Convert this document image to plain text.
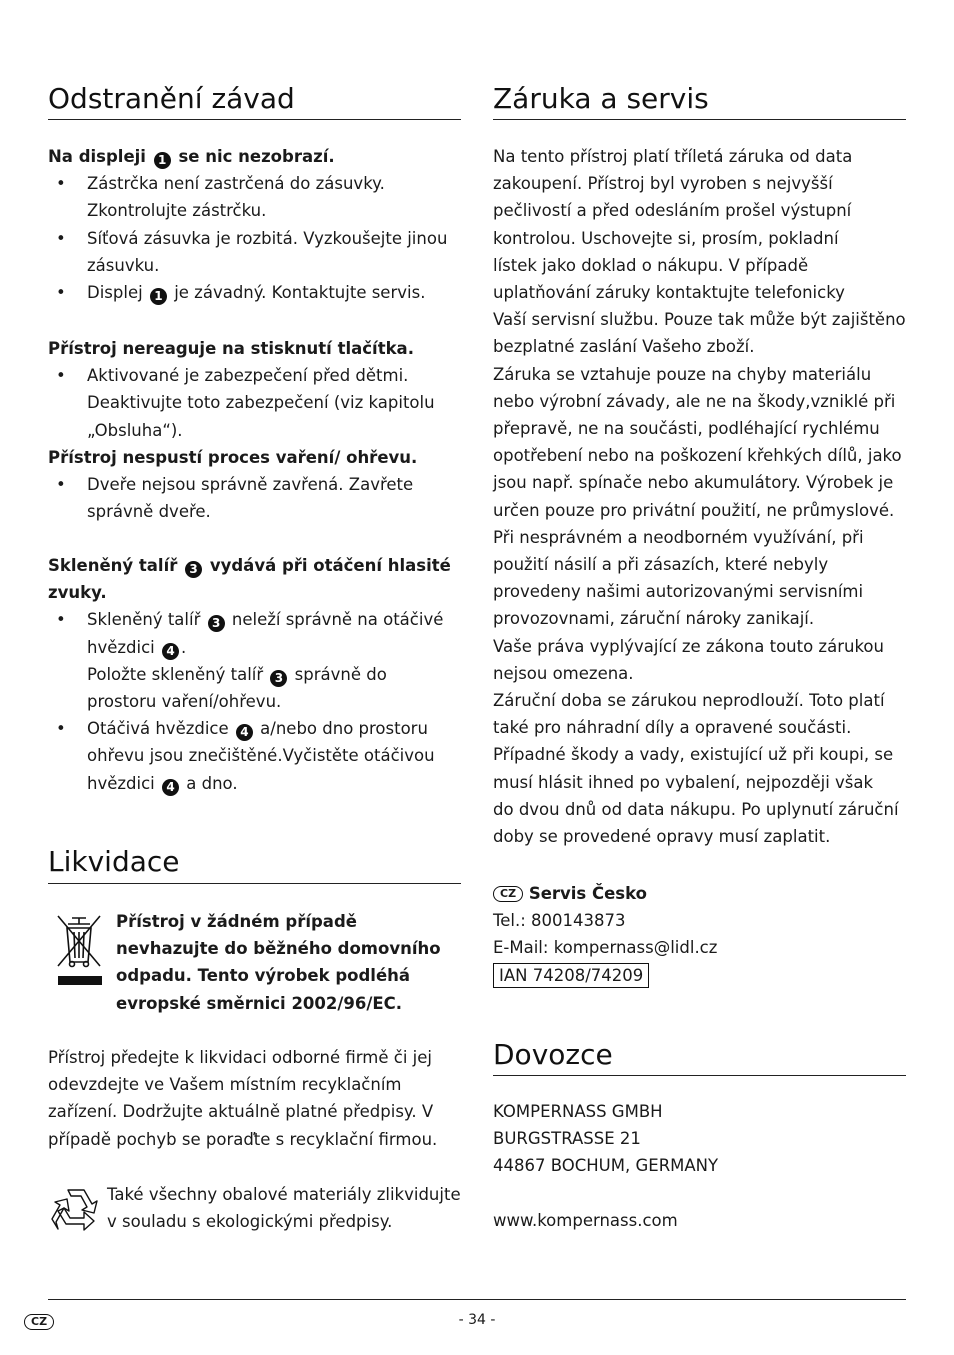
Odstranění závad
Na displeji 1 se nic nezobrazí.
• Zástrčka není zastrčená do zásuvky. Zkontrolujte zástrčku.
• Síťová zásuvka je rozbitá. Vyzkoušejte jinou zásuvku.
• Displej 1 je závadný. Kontaktujte servis.
Přístroj nereaguje na stisknutí tlačítka.
• Aktivované je zabezpečení před dětmi. Deaktivujte toto zabezpečení (viz kapitolu „Obsluha“).
Přístroj nespustí proces vaření/ ohřevu.
• Dveře nejsou správně zavřená. Zavřete správně dveře.
Skleněný talíř 3 vydává při otáčení hlasité zvuky.
• Skleněný talíř 3 neleží správně na otáčivé hvězdici 4 .
Položte skleněný talíř 3 správně do prostoru vaření/ohřevu.
• Otáčivá hvězdice 4 a/nebo dno prostoru ohřevu jsou znečištěné.Vyčistěte otáčivou hvězdici 4 a dno.
Likvidace
Přístroj v žádném případě nevhazujte do běžného domovního odpadu. Tento výrobek podléhá evropské směrnici 2002/96/EC.
Přístroj předejte k likvidaci odborné firmě či jej odevzdejte ve Vašem místním recyklačním zařízení. Dodržujte aktuálně platné předpisy. V případě pochyb se poraďte s recyklační firmou.
Také všechny obalové materiály zlikvidujte v souladu s ekologickými předpisy.
Záruka a servis
Na tento přístroj platí tříletá záruka od data zakoupení. Přístroj byl vyroben s nejvyšší pečlivostí a před odesláním prošel výstupní kontrolou. Uschovejte si, prosím, pokladní
lístek jako doklad o nákupu. V případě uplatňování záruky kontaktujte telefonicky
Vaší servisní službu. Pouze tak může být zajištěno bezplatné zaslání Vašeho zboží.
Záruka se vztahuje pouze na chyby materiálu nebo výrobní závady, ale ne na škody,vzniklé při přepravě, ne na součásti, podléhající rychlému opotřebení nebo na poškození křehkých dílů, jako jsou např. spínače nebo akumulátory. Výrobek je určen pouze pro privátní použití, ne průmyslové.
Při nesprávném a neodborném využívání, při použití násilí a při zásazích, které nebyly provedeny našimi autorizovanými servisními provozovnami, záruční nároky zanikají.
Vaše práva vyplývající ze zákona touto zárukou nejsou omezena.
Záruční doba se zárukou neprodlouží. Toto platí také pro náhradní díly a opravené součásti. Případné škody a vady, existující už při koupi, se musí hlásit ihned po vybalení, nejpozději však
do dvou dnů od data nákupu. Po uplynutí záruční doby se provedené opravy musí zaplatit.
CZ Servis Česko
Tel.: 800143873
E-Mail: kompernass@lidl.cz
IAN 74208/74209
Dovozce
KOMPERNASS GMBH
BURGSTRASSE 21
44867 BOCHUM, GERMANY
www.kompernass.com
CZ	- 34 -
